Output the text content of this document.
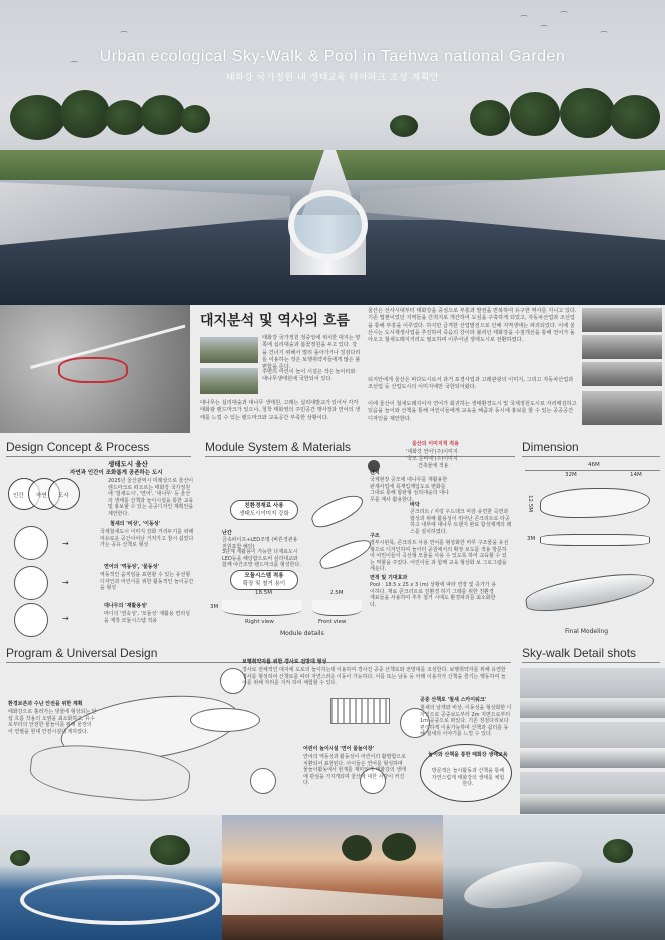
⌒
⌒
⌒
⌒
⌒
⌒
Urban ecological Sky-Walk & Pool in Taehwa national Garden
태화강 국가정원 내 생태교육 테마파크 조성 계획안
대지분석 및 역사의 흐름
태화강 국가정원 정중앙에 위치한 대지는 양쪽에 십리대숲과 봄꽃정원을 두고 있다. 강을 건너기 위해서 멀리 돌아가거나 징검다리를 이용하는 것은 보행취약자들에게 많은 불편함을 준다.
주변의 어린이 놀이 시설은 작은 놀이터와 대나무생태원에 국한되어 있다.
대나무는 십리대숲과 대나무 생태원, 고래는 십리대밭교가 있어서 각각 태화광 랜드마크가 있으나, 청착 태화영의 주민공간 행사장과 연어의 생태를 느낄 수 있는 랜드마크와 교육공간 부족한 상황이다.
울산은 선사시대부터 태화강을 중심으로 부흥과 발전을 반복하여 유구한 역사를 지니고 있다. 기존 앱젠이었던 지역들을 간척지로 개간하여 도심을 구축하게 되었고, 자동차산업과 조선업을 통해 부흥을 이루었다. 하지만 급격한 산업발전으로 인해 지역생태는 파괴되었다. 이에 울산시는 도시재생사업을 추진하여 죽음의 강이라 불리던 태화강을 수질개선을 통해 연어가 돌아오고 철새도래지거리도 필요하며 이루어낸 생태도시로 전환하였다.
티지안에게 울산은 바다도시로서 과거 포경사업과 고래관광의 이미지, 그리고 자동차산업과 조선업 등 산업도시의 이미지에만 국한되어왔다.
이에 울산이 철새도래지이자 연어가 회귀하는 생태환경도시 및 국제정원도시로 자리매김하고 있음을 놀이와 산책을 통해 어린이들에게 교육을 해줌과 동시에 홍보를 할 수 있는 공공공간 디자인을 제안한다.
Design Concept & Process	Module System & Materials	Dimension
생태도시 울산
자연과 인간이 조화롭게 공존하는 도시
인간 자연 도시
2025년 울산광역시 미래상으로 울산이 랜드마크로 떠오르는 태화강 국가정원에 '철새도시', '연어', '대나무' 등 울산의 생태를 산책과 놀이시설을 통한 교육 및 홍보할 수 있는 공공디자인 계획안을 제안한다.
→
철새의 '비상', '이동성'
국제철새도시 이미지 강화 거리두기를 위해 여유로운 공간이어난 거처가고 창시 쉽었다 가는 공유 산책로 형성
→
연어의 '역동성', '물동성'
역동적인 움직임을 표현할 수 있는 유선형 디자인과 어린이를 위한 활동적인 놀이공간을 형성
→
대나무의 '재활용성'
마디의 '연속성', '모듈성' 재활용 면의성을 재착 모듈시스템 적용
친환경재료 사용
생태도시이미지 강화
난간
금속파이프+LED조명 (바른경관용 전원포함 해당)
3단계 재활용이 가능한 다재료도시LED등을 해당함으로써 심리대교와 함께 야간조망 랜드마크를 형성한다.
모듈시스템 적용
확장 및 철거 용이
3M
18.5M	2.5M
Right view	Front view
Module details
울산의 이미지적 적용
'대화강 연어'(주)이미지
'국모 준비에'(주)이미지
건축물에 적용
벤치
국제현장 공모에 대나무를 재활용한 판재사업에 목재입계업도로 변화를 그대로 통해 합판형 심리대숲의 대나무를 재사 활용한다.
바닥
콘크리트 / 지링 우드데크 마감 유연한 곡면과 합성과 위해 활용성이 뛰어난 콘크리트로 타공하고 내부에 대나무 트랜지 완료 합성제재의 레스를 설치하였다.
구조
정부시판목, 콘크리트 사용 연어를 형상화한 마루 구조물을 유선형으로 디자인하여 놀이터 공원에서의 확장 보도를 적용 방문하여 어린이들이 곡선형 모듈을 사용 수 있도록 하여 교육할 수 있는 역할을 주었다. 어린이들 과 함께 교육 형상화 보 그로그램을 세운다.
면적 및 기대효과
Pool : 18.5 x 25 x 3 (m) 상황에 따라 연장 및 증가가 용이하다. 재료 콘크리트로 친환경 하기 그래를 위한 친환경 재료들을 사용하여 추후 철거 시에도 환경파괴를 최소화한다.
46M
32M	14M
12.5M
3M
Final Modeling
Program & Universal Design
보행취약자를 위한 경사로 전망대 형성
경사로 전체적인 대지에 도로의 놀이하는데 이용하여 경사진 공중 산책로와 전망대를 조성한다. 보행취약자를 위해 유연한 경사를 형성하여 산책로를 따라 자연스러운 이동이 가능하다. 이를 또는 남동 등 아래 이용자가 산책을 즐기는 행동하여 놀이를 위해 자리를 지켜 하여 체험할 수 있다.
공중 산책로 '철새 스카이워크'
철새의 날개와 비상, 이동성을 형상화한 디자인으로 공중보도부터 2m 지면으로부터 1m 공중으로 떠있다. 기존 징검다리보다 편리하게 이용가능하며 산책과 쉼터를 동해 철새의 이야기를 느낄 수 있다.
어린이 놀이시설 '연어 물놀이장'
연어의 역동성과 활동성이 어린이의 활발함으로 치환되어 표현된다. 아이들은 연어를 형성하며 물놀이활동에서 현재를 재미있게 태화강의 생태에 관심을 가지게되며 울산에 대한 사랑이 커진다.
환경보존과 수난 안전을 위한 계획
태화강으로 흘러가는 넷물에 형성되는 안섭 흐름 작용의 오염을 최소화하고, 유수로부터의 안전한 물놀이를 위해 물장의 어 연필을 현대 안전시설대 제하였다.
놀이와 산책을 통한 태화강 생태교육
방문객은 놀이활동과 산책을 통해 자연스럽게 태화강의 생태를 체험한다.
Sky-walk Detail shots
